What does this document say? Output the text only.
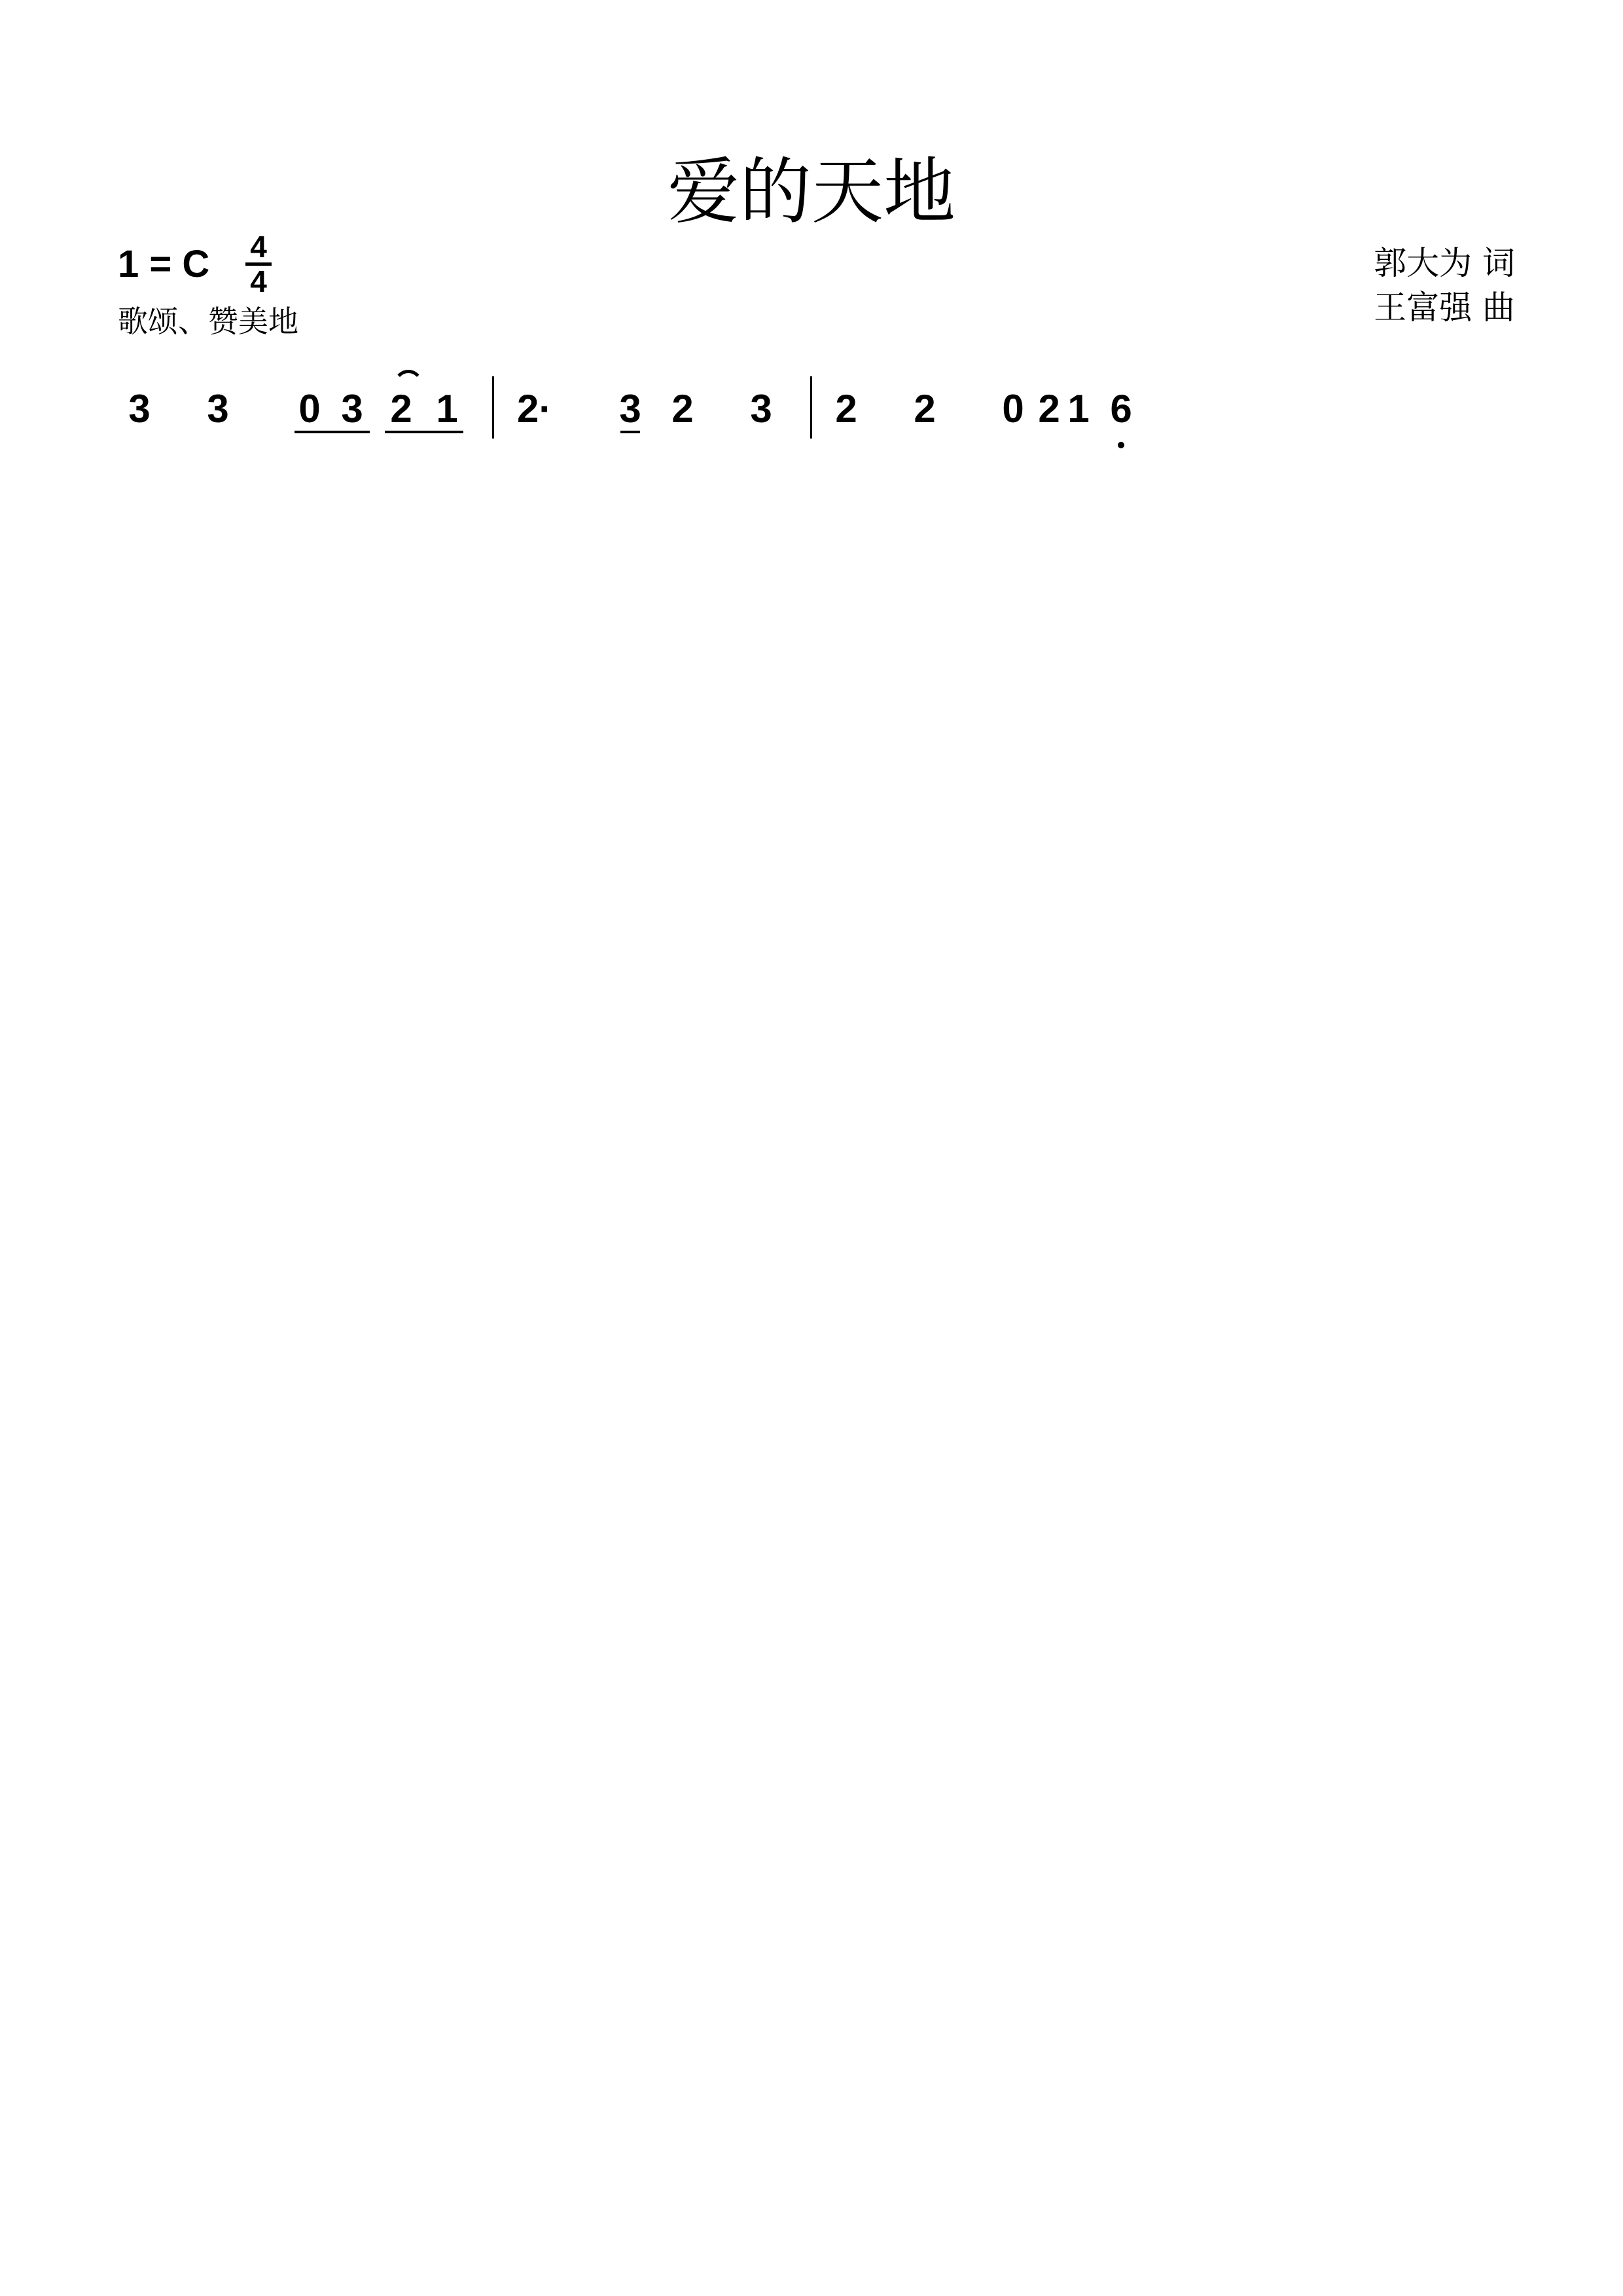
爱的天地
1 = C 4
4
歌颂、赞美地
郭大为 词
王富强 曲
3 3 0 3 2 1 2· 3 2 3 2 2 0 2 1 6
